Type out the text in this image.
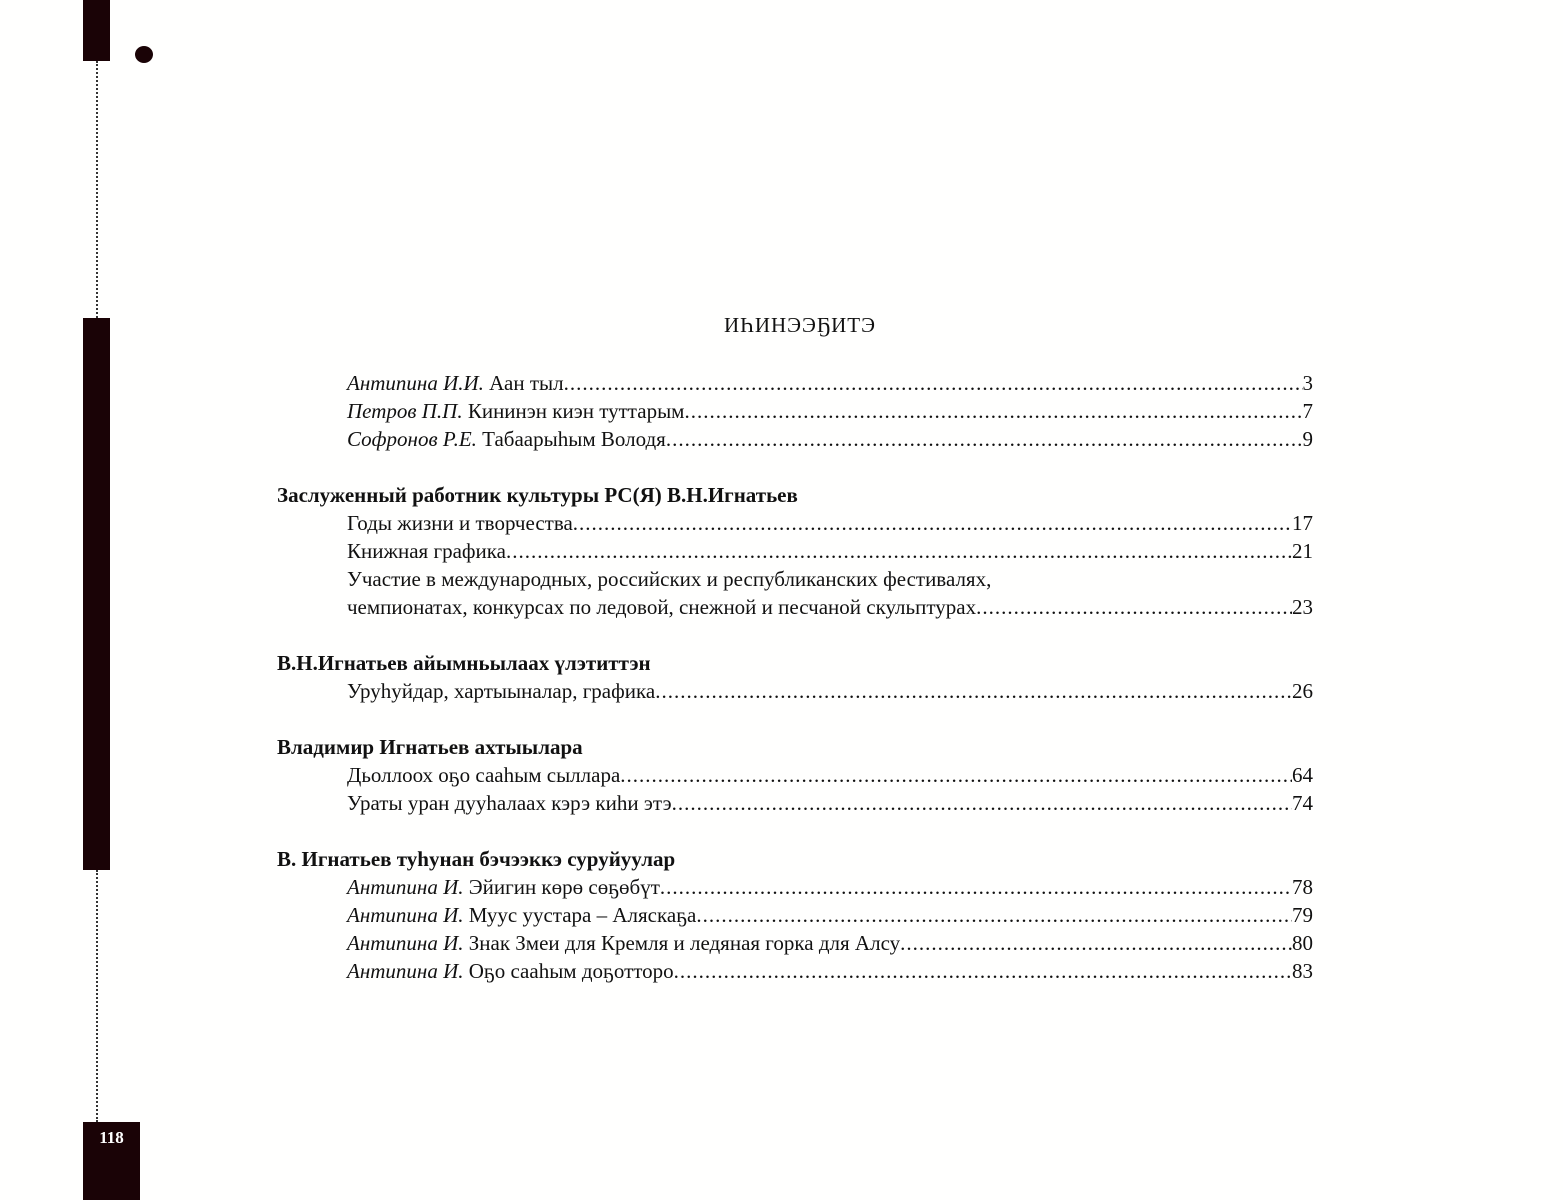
118
ИҺИНЭЭҔИТЭ
Антипина И.И. Аан тыл .....	3
Петров П.П. Кининэн киэн туттарым .....	7
Софронов Р.Е. Табаарыһым Володя .....	9
Заслуженный работник культуры РС(Я) В.Н.Игнатьев
Годы жизни и творчества .....	17
Книжная графика .....	21
Участие в международных, российских и республиканских фестивалях,
чемпионатах, конкурсах по ледовой, снежной и песчаной скульптурах .....	23
В.Н.Игнатьев айымньылаах үлэтиттэн
Уруһуйдар, хартыыналар, графика .....	26
Владимир Игнатьев ахтыылара
Дьоллоох оҕо сааһым сыллара .....	64
Ураты уран дууһалаах кэрэ киһи этэ .....	74
В. Игнатьев туһунан бэчээккэ суруйуулар
Антипина И. Эйигин көрө сөҕөбүт .....	78
Антипина И. Муус уустара – Аляскаҕа .....	79
Антипина И. Знак Змеи для Кремля и ледяная горка для Алсу .....	80
Антипина И. Оҕо сааһым доҕотторо .....	83
